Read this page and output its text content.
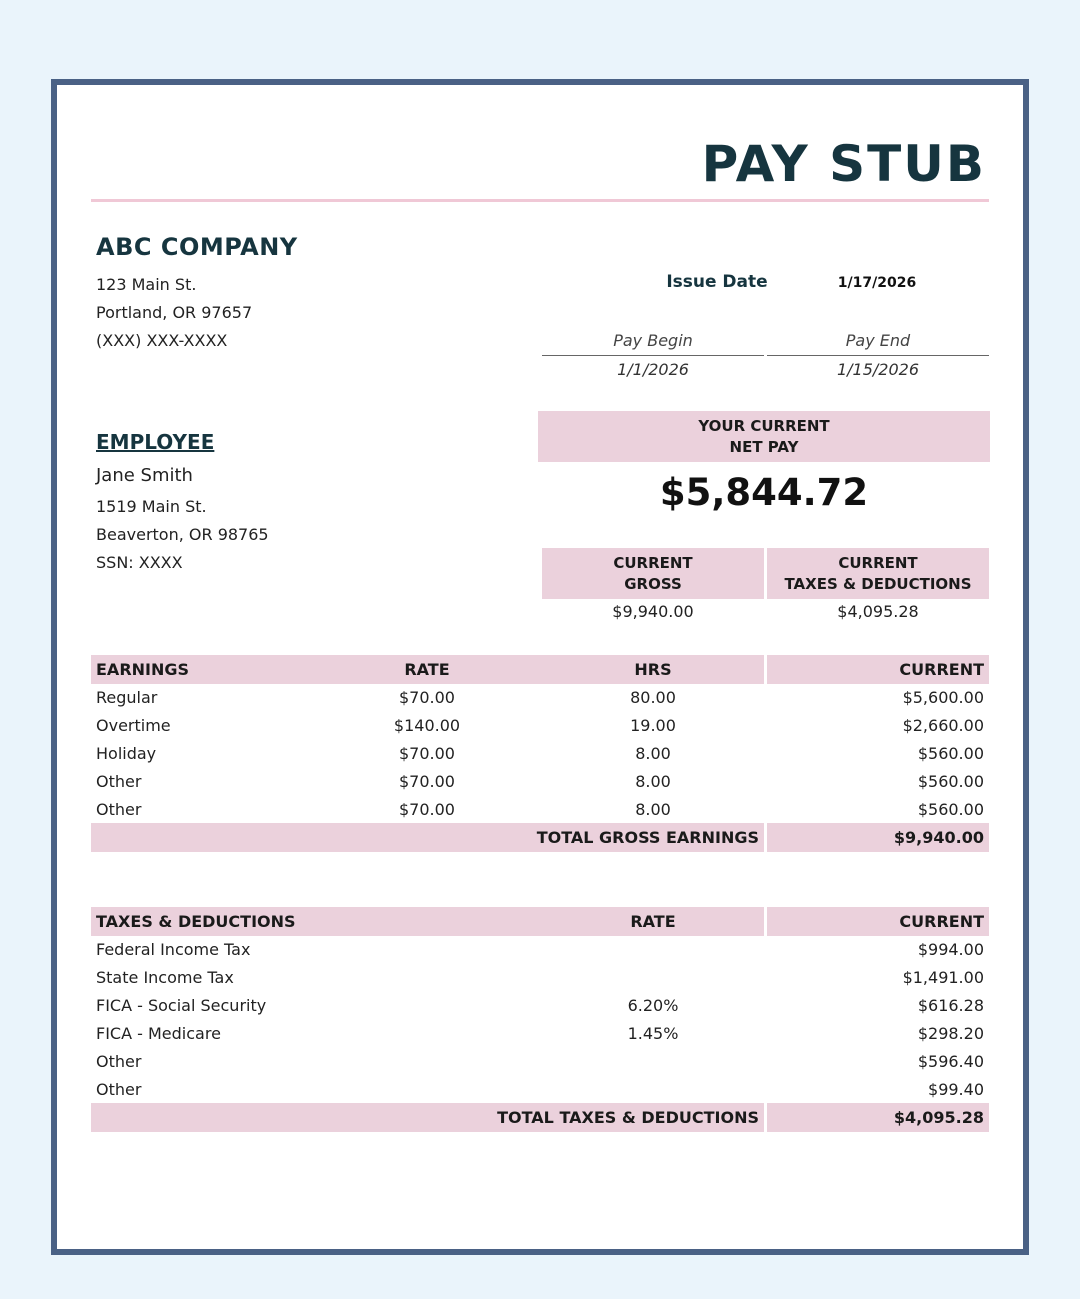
PAY STUB
ABC COMPANY
123 Main St.
Portland, OR 97657
(XXX) XXX-XXXX
Issue Date	1/17/2026
Pay Begin	Pay End
1/1/2026	1/15/2026
EMPLOYEE
Jane Smith
1519 Main St.
Beaverton, OR 98765
SSN: XXXX
YOUR CURRENT
NET PAY
$5,844.72
CURRENT
GROSS
CURRENT
TAXES & DEDUCTIONS
$9,940.00	$4,095.28
EARNINGS	RATE	HRS	CURRENT
Regular	$70.00	80.00	$5,600.00
Overtime	$140.00	19.00	$2,660.00
Holiday	$70.00	8.00	$560.00
Other	$70.00	8.00	$560.00
Other	$70.00	8.00	$560.00
TOTAL GROSS EARNINGS	$9,940.00
TAXES & DEDUCTIONS	RATE	CURRENT
Federal Income Tax	$994.00
State Income Tax	$1,491.00
FICA - Social Security	6.20%	$616.28
FICA - Medicare	1.45%	$298.20
Other	$596.40
Other	$99.40
TOTAL TAXES & DEDUCTIONS	$4,095.28
